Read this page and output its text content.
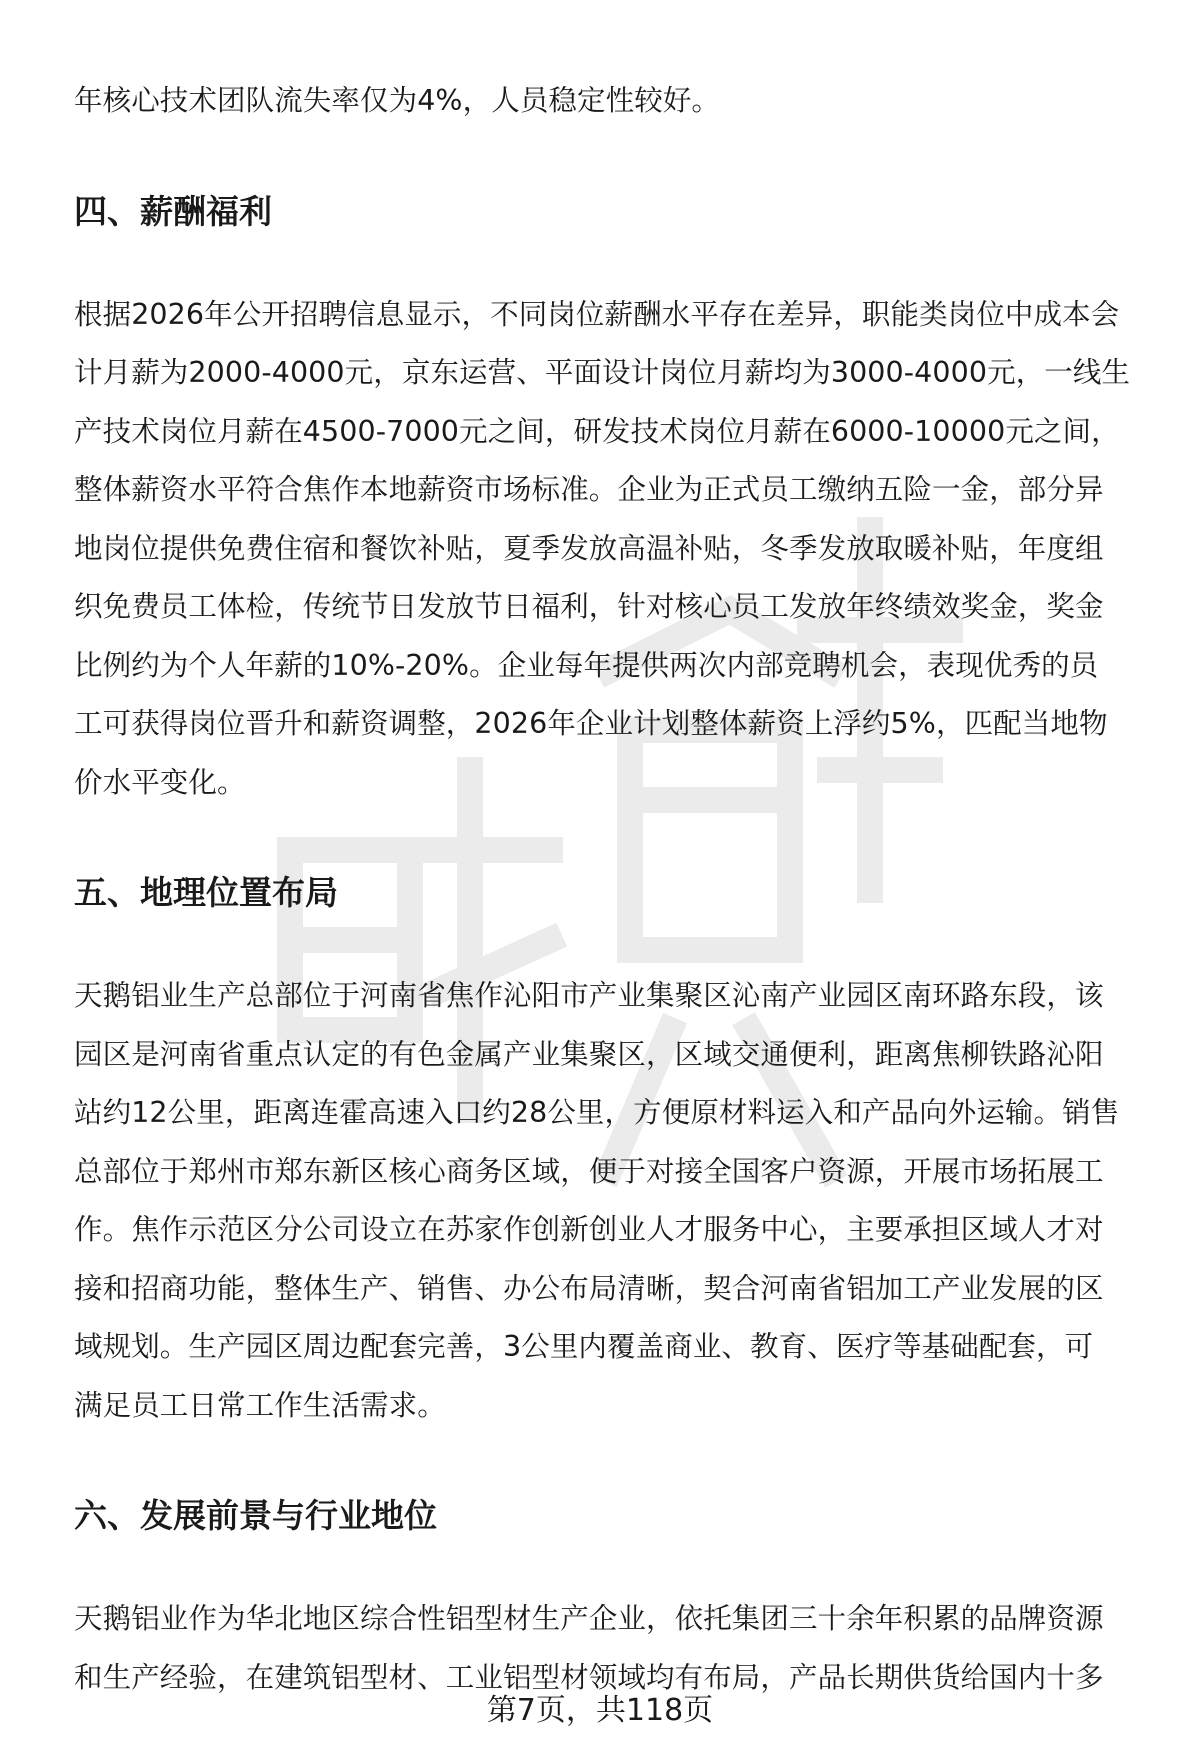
年核心技术团队流失率仅为4%，人员稳定性较好。

四、薪酬福利

根据2026年公开招聘信息显示，不同岗位薪酬水平存在差异，职能类岗位中成本会
计月薪为2000-4000元，京东运营、平面设计岗位月薪均为3000-4000元，一线生
产技术岗位月薪在4500-7000元之间，研发技术岗位月薪在6000-10000元之间，
整体薪资水平符合焦作本地薪资市场标准。企业为正式员工缴纳五险一金，部分异
地岗位提供免费住宿和餐饮补贴，夏季发放高温补贴，冬季发放取暖补贴，年度组
织免费员工体检，传统节日发放节日福利，针对核心员工发放年终绩效奖金，奖金
比例约为个人年薪的10%-20%。企业每年提供两次内部竞聘机会，表现优秀的员
工可获得岗位晋升和薪资调整，2026年企业计划整体薪资上浮约5%，匹配当地物
价水平变化。

五、地理位置布局

天鹅铝业生产总部位于河南省焦作沁阳市产业集聚区沁南产业园区南环路东段，该
园区是河南省重点认定的有色金属产业集聚区，区域交通便利，距离焦柳铁路沁阳
站约12公里，距离连霍高速入口约28公里，方便原材料运入和产品向外运输。销售
总部位于郑州市郑东新区核心商务区域，便于对接全国客户资源，开展市场拓展工
作。焦作示范区分公司设立在苏家作创新创业人才服务中心，主要承担区域人才对
接和招商功能，整体生产、销售、办公布局清晰，契合河南省铝加工产业发展的区
域规划。生产园区周边配套完善，3公里内覆盖商业、教育、医疗等基础配套，可
满足员工日常工作生活需求。

六、发展前景与行业地位

天鹅铝业作为华北地区综合性铝型材生产企业，依托集团三十余年积累的品牌资源
和生产经验，在建筑铝型材、工业铝型材领域均有布局，产品长期供货给国内十多

第7页，共118页
